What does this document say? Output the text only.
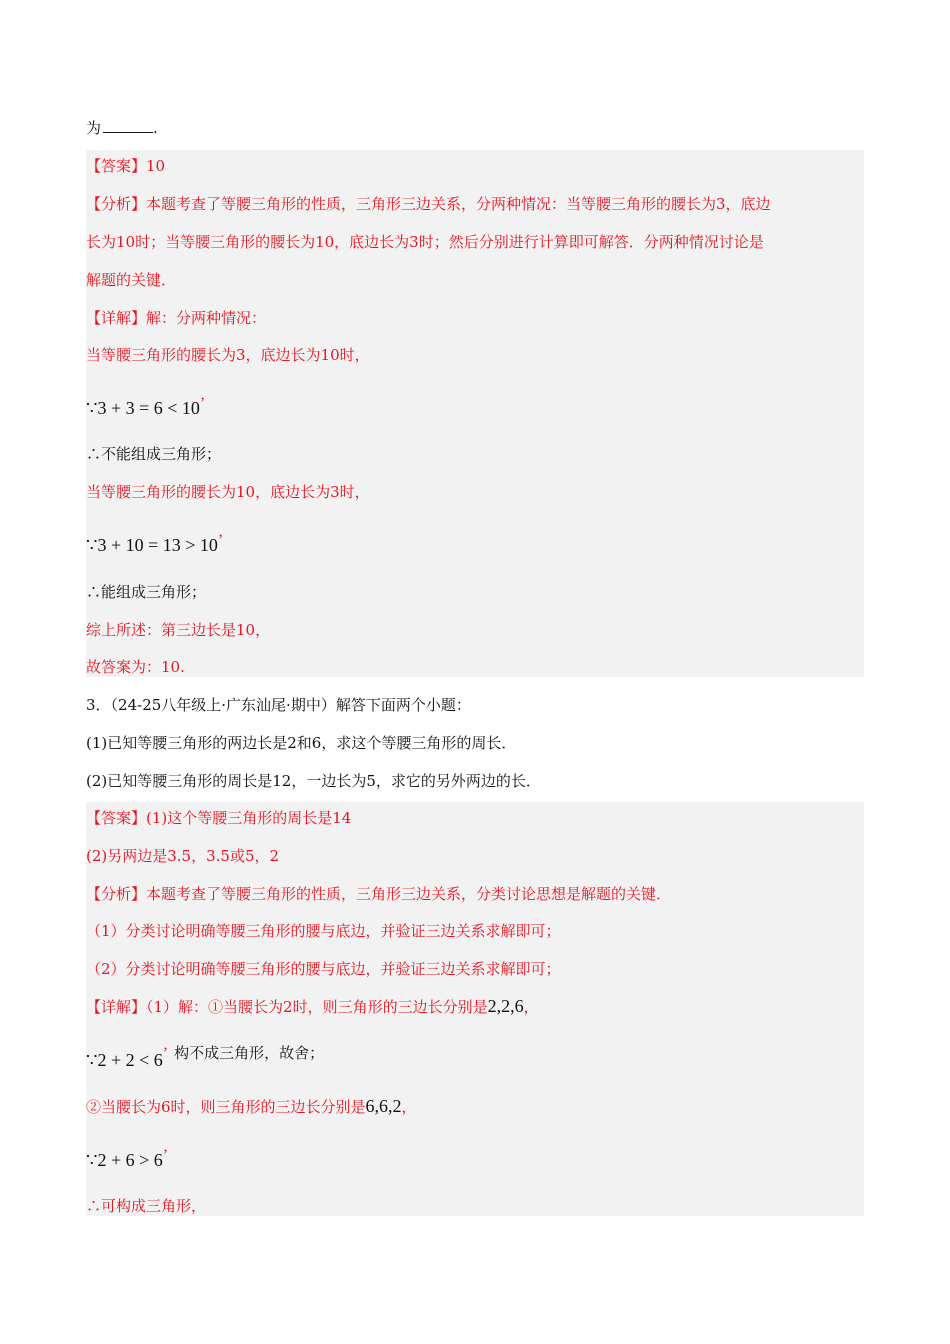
为	.
【答案】10
【分析】本题考查了等腰三角形的性质，三角形三边关系，分两种情况：当等腰三角形的腰长为3，底边
长为10时；当等腰三角形的腰长为10，底边长为3时；然后分别进行计算即可解答．分两种情况讨论是
解题的关键．
【详解】解：分两种情况：
当等腰三角形的腰长为3，底边长为10时，
∵3 + 3 = 6 < 10’
∴不能组成三角形；
当等腰三角形的腰长为10，底边长为3时，
∵3 + 10 = 13 > 10’
∴能组成三角形；
综上所述：第三边长是10，
故答案为：10.
3．（24-25八年级上·广东汕尾·期中）解答下面两个小题：
(1)已知等腰三角形的两边长是2和6，求这个等腰三角形的周长．
(2)已知等腰三角形的周长是12，一边长为5，求它的另外两边的长．
【答案】(1)这个等腰三角形的周长是14
(2)另两边是3.5，3.5或5，2
【分析】本题考查了等腰三角形的性质，三角形三边关系，分类讨论思想是解题的关键．
（1）分类讨论明确等腰三角形的腰与底边，并验证三边关系求解即可；
（2）分类讨论明确等腰三角形的腰与底边，并验证三边关系求解即可；
【详解】（1）解：①当腰长为2时，则三角形的三边长分别是2,2,6，
∵2 + 2 < 6’ 构不成三角形，故舍；
②当腰长为6时，则三角形的三边长分别是6,6,2，
∵2 + 6 > 6’
∴可构成三角形，
